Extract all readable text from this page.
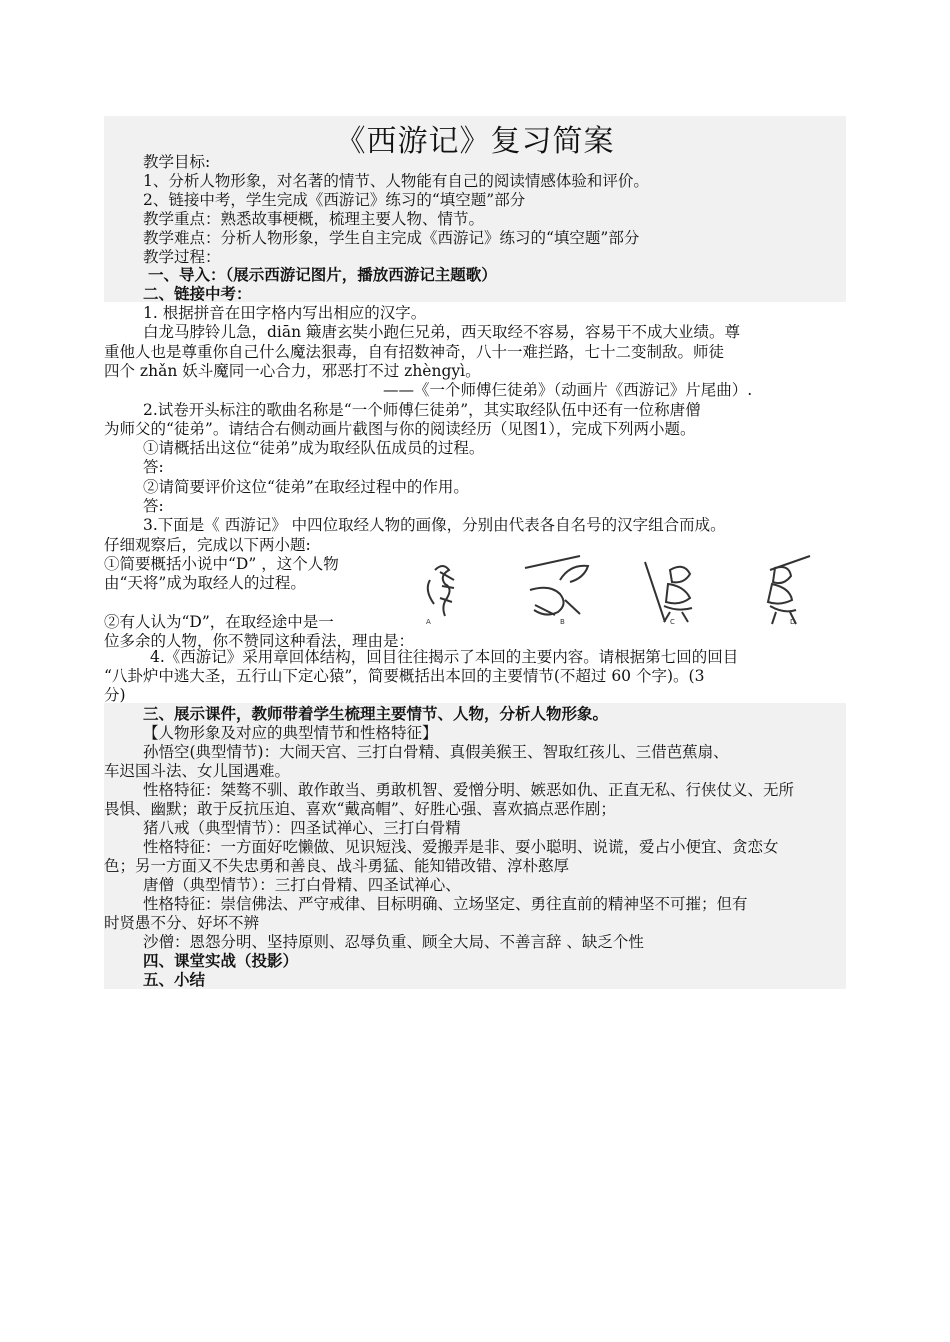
《西游记》复习简案
教学目标:
1、分析人物形象，对名著的情节、人物能有自己的阅读情感体验和评价。
2、链接中考，学生完成《西游记》练习的“填空题”部分
教学重点：熟悉故事梗概，梳理主要人物、情节。
教学难点：分析人物形象，学生自主完成《西游记》练习的“填空题”部分
教学过程：
一、导入：（展示西游记图片，播放西游记主题歌）
二、链接中考：
1. 根据拼音在田字格内写出相应的汉字。
白龙马脖铃儿急，diān 簸唐玄奘小跑仨兄弟，西天取经不容易，容易干不成大业绩。尊
重他人也是尊重你自己什么魔法狠毒，自有招数神奇，八十一难拦路，七十二变制敌。师徒
四个 zhǎn 妖斗魔同一心合力，邪恶打不过 zhèngyì。
——《一个师傅仨徒弟》（动画片《西游记》片尾曲）.
2.试卷开头标注的歌曲名称是“一个师傅仨徒弟”，其实取经队伍中还有一位称唐僧
为师父的“徒弟”。请结合右侧动画片截图与你的阅读经历（见图1），完成下列两小题。
①请概括出这位“徒弟”成为取经队伍成员的过程。
答:
②请简要评价这位“徒弟”在取经过程中的作用。
答:
3.下面是《 西游记》 中四位取经人物的画像，分别由代表各自名号的汉字组合而成。
仔细观察后，完成以下两小题:
①简要概括小说中“D” ，这个人物
由“天将”成为取经人的过程。
②有人认为“D”，在取经途中是一
位多余的人物，你不赞同这种看法，理由是：
A	B	C	D
4.《西游记》采用章回体结构，回目往往揭示了本回的主要内容。请根据第七回的回目
“八卦炉中逃大圣，五行山下定心猿”，简要概括出本回的主要情节(不超过 60 个字)。(3
分)
三、展示课件，教师带着学生梳理主要情节、人物，分析人物形象。
【人物形象及对应的典型情节和性格特征】
孙悟空(典型情节)：大闹天宫、三打白骨精、真假美猴王、智取红孩儿、三借芭蕉扇、
车迟国斗法、女儿国遇难。
性格特征：桀骜不驯、敢作敢当、勇敢机智、爱憎分明、嫉恶如仇、正直无私、行侠仗义、无所
畏惧、幽默；敢于反抗压迫、喜欢“戴高帽”、好胜心强、喜欢搞点恶作剧；
猪八戒（典型情节）：四圣试禅心、三打白骨精
性格特征：一方面好吃懒做、见识短浅、爱搬弄是非、耍小聪明、说谎，爱占小便宜、贪恋女
色；另一方面又不失忠勇和善良、战斗勇猛、能知错改错、淳朴憨厚
唐僧（典型情节）：三打白骨精、四圣试禅心、
性格特征：崇信佛法、严守戒律、目标明确、立场坚定、勇往直前的精神坚不可摧；但有
时贤愚不分、好坏不辨
沙僧：恩怨分明、坚持原则、忍辱负重、顾全大局、不善言辞 、缺乏个性
四、课堂实战（投影）
五、小结
